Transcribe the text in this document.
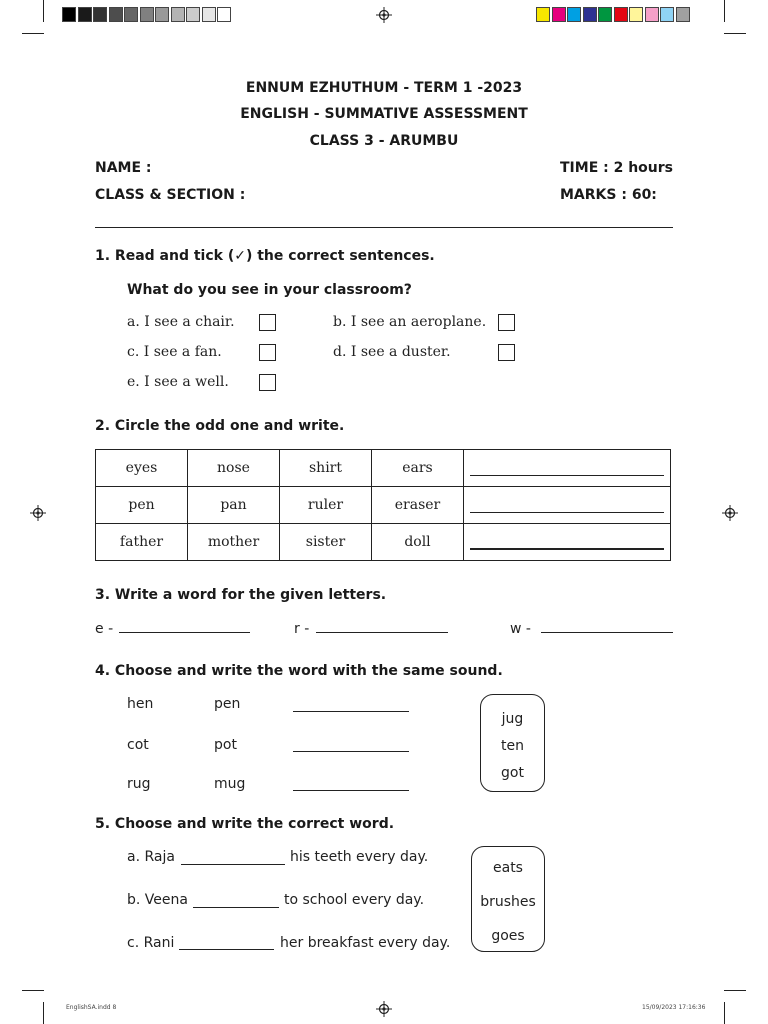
ENNUM EZHUTHUM - TERM 1 -2023
ENGLISH - SUMMATIVE ASSESSMENT
CLASS 3 - ARUMBU
NAME :
CLASS & SECTION :
TIME : 2 hours
MARKS : 60:
1. Read and tick (✓) the correct sentences.
What do you see in your classroom?
a. I see a chair.	b. I see an aeroplane.
c. I see a fan.	d. I see a duster.
e. I see a well.
2. Circle the odd one and write.
eyes	nose	shirt	ears	

pen	pan	ruler	eraser	

father	mother	sister	doll	
3. Write a word for the given letters.
e -	r -	w -
4. Choose and write the word with the same sound.
hen	pen
cot	pot
rug	mug
jug
ten
got
5. Choose and write the correct word.
a. Raja	his teeth every day.
b. Veena	to school every day.
c. Rani	her breakfast every day.
eats
brushes
goes
EnglishSA.indd 8	15/09/2023 17:16:36
